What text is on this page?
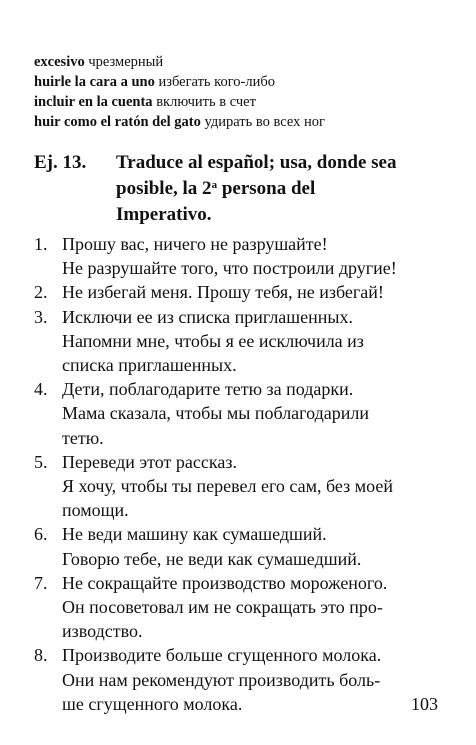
excesivo чрезмерный
huirle la cara a uno избегать кого-либо
incluir en la cuenta включить в счет
huir como el ratón del gato удирать во всех ног
Ej. 13. Traduce al español; usa, donde sea
posible, la 2$^a$ persona del
Imperativo.
1. Прошу вас, ничего не разрушайте!
Не разрушайте того, что построили другие!
2. Не избегай меня. Прошу тебя, не избегай!
3. Исключи ее из списка приглашенных.
Напомни мне, чтобы я ее исключила из
списка приглашенных.
4. Дети, поблагодарите тетю за подарки.
Мама сказала, чтобы мы поблагодарили
тетю.
5. Переведи этот рассказ.
Я хочу, чтобы ты перевел его сам, без моей
помощи.
6. Не веди машину как сумашедший.
Говорю тебе, не веди как сумашедший.
7. Не сокращайте производство мороженого.
Он посоветовал им не сокращать это про-
изводство.
8. Производите больше сгущенного молока.
Они нам рекомендуют производить боль-
ше сгущенного молока.	103
